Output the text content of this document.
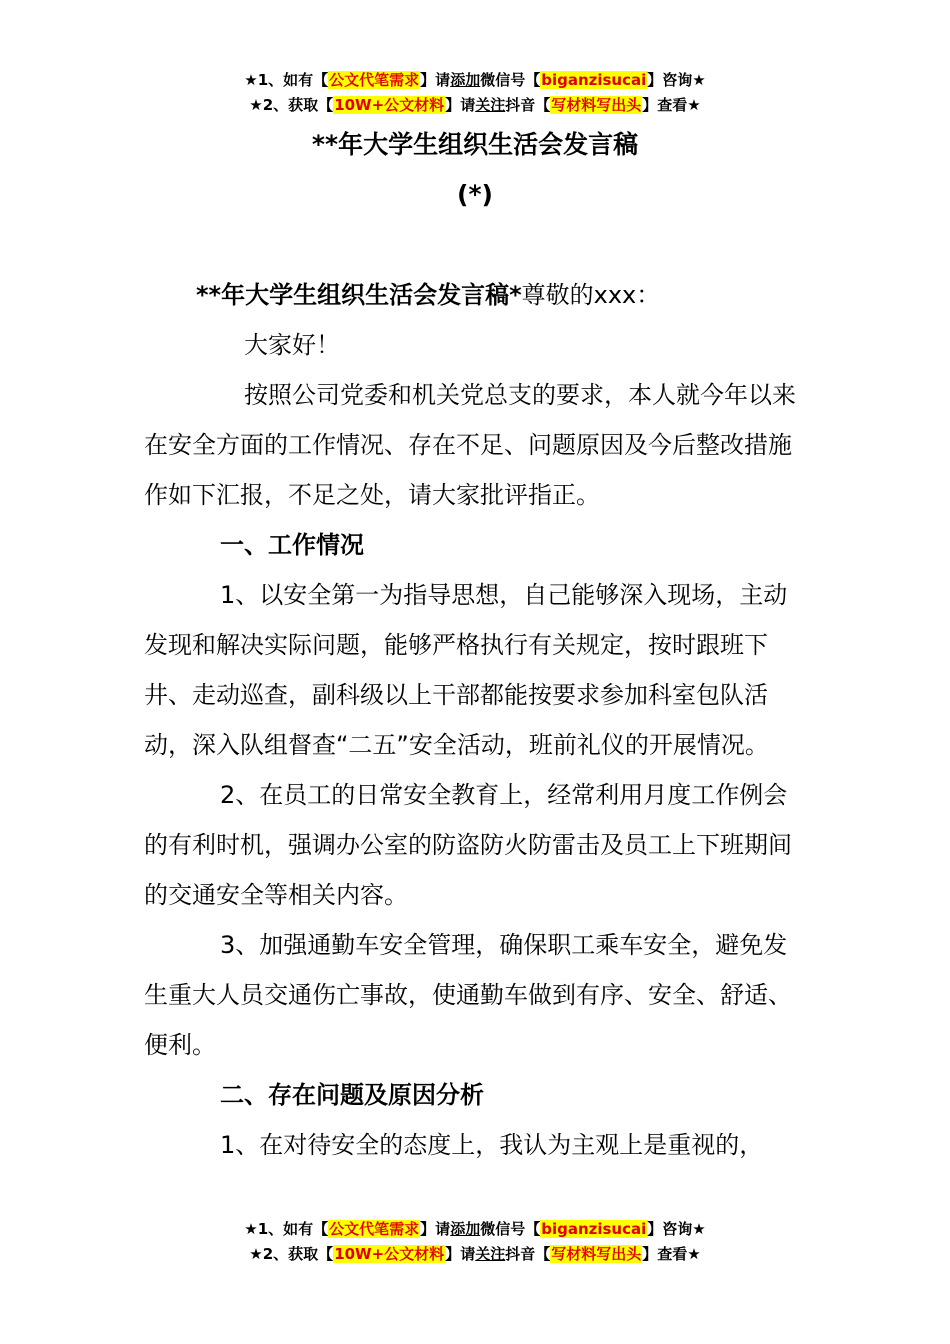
★1、如有【公文代笔需求】请添加微信号【biganzisucai】咨询★
★2、获取【10W+公文材料】请关注抖音【写材料写出头】查看★
**年大学生组织生活会发言稿
(*)

**年大学生组织生活会发言稿*尊敬的xxx：

大家好！

按照公司党委和机关党总支的要求，本人就今年以来在安全方面的工作情况、存在不足、问题原因及今后整改措施作如下汇报，不足之处，请大家批评指正。

一、工作情况

1、以安全第一为指导思想，自己能够深入现场，主动发现和解决实际问题，能够严格执行有关规定，按时跟班下井、走动巡查，副科级以上干部都能按要求参加科室包队活动，深入队组督查“二五”安全活动，班前礼仪的开展情况。

2、在员工的日常安全教育上，经常利用月度工作例会的有利时机，强调办公室的防盗防火防雷击及员工上下班期间的交通安全等相关内容。

3、加强通勤车安全管理，确保职工乘车安全，避免发生重大人员交通伤亡事故，使通勤车做到有序、安全、舒适、便利。

二、存在问题及原因分析

1、在对待安全的态度上，我认为主观上是重视的，

★1、如有【公文代笔需求】请添加微信号【biganzisucai】咨询★
★2、获取【10W+公文材料】请关注抖音【写材料写出头】查看★
